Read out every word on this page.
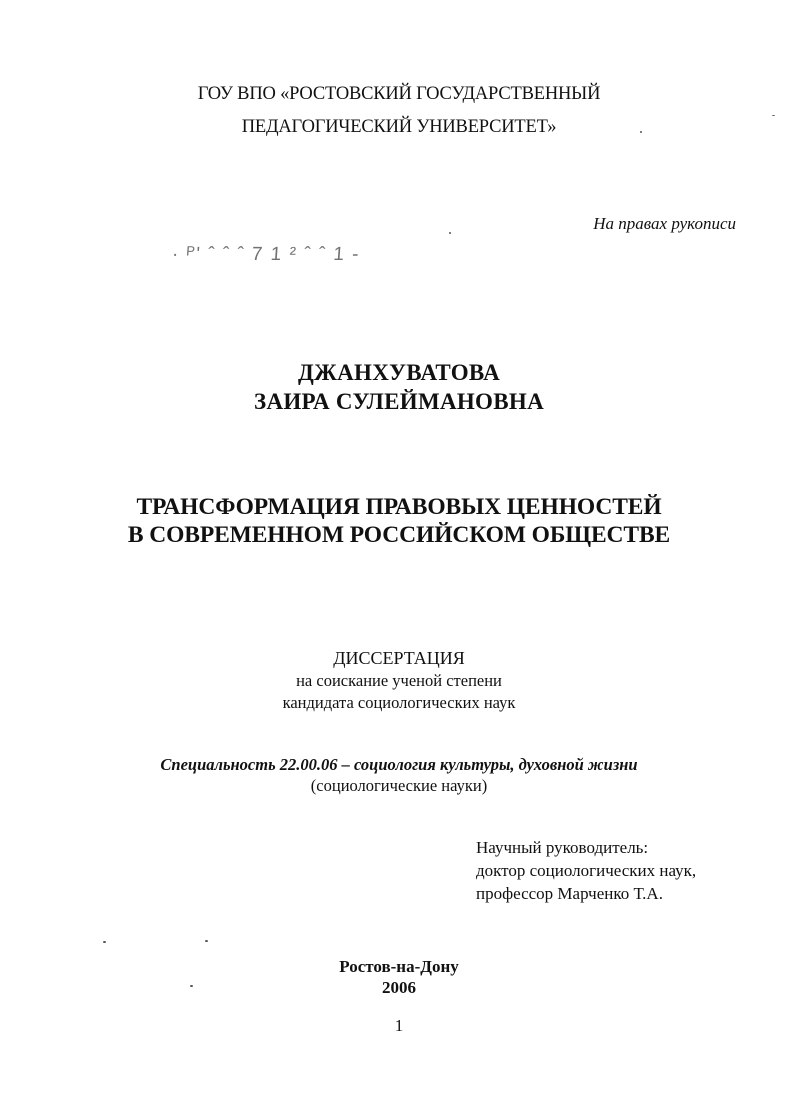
ГОУ ВПО «РОСТОВСКИЙ ГОСУДАРСТВЕННЫЙ
ПЕДАГОГИЧЕСКИЙ УНИВЕРСИТЕТ»
На правах рукописи
· ᴾ' ˆ ˆ ˆ 7 1 ² ˆ ˆ 1 -
ДЖАНХУВАТОВА
ЗАИРА СУЛЕЙМАНОВНА
ТРАНСФОРМАЦИЯ ПРАВОВЫХ ЦЕННОСТЕЙ
В СОВРЕМЕННОМ РОССИЙСКОМ ОБЩЕСТВЕ
ДИССЕРТАЦИЯ
на соискание ученой степени
кандидата социологических наук
Специальность 22.00.06 – социология культуры, духовной жизни
(социологические науки)
Научный руководитель:
доктор социологических наук,
профессор Марченко Т.А.
Ростов-на-Дону
2006
1
